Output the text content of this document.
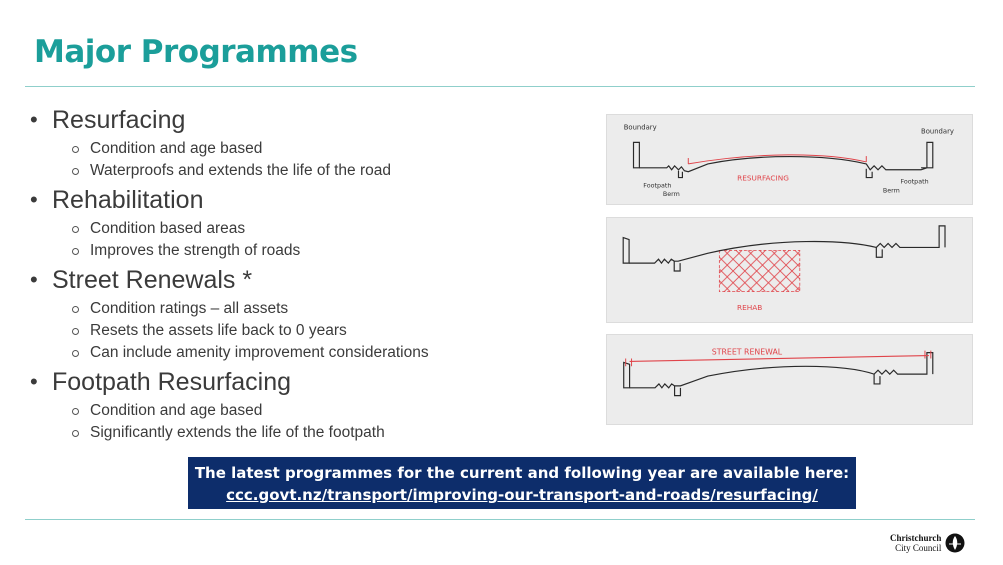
Major Programmes
• Resurfacing
Condition and age based
Waterproofs and extends the life of the road
• Rehabilitation
Condition based areas
Improves the strength of roads
• Street Renewals *
Condition ratings – all assets
Resets the assets life back to 0 years
Can include amenity improvement considerations
• Footpath Resurfacing
Condition and age based
Significantly extends the life of the footpath
Boundary	Boundary
Footpath
Berm
RESURFACING
Berm
Footpath
REHAB
STREET RENEWAL
The latest programmes for the current and following year are available here:
ccc.govt.nz/transport/improving-our-transport-and-roads/resurfacing/
Christchurch
City Council
